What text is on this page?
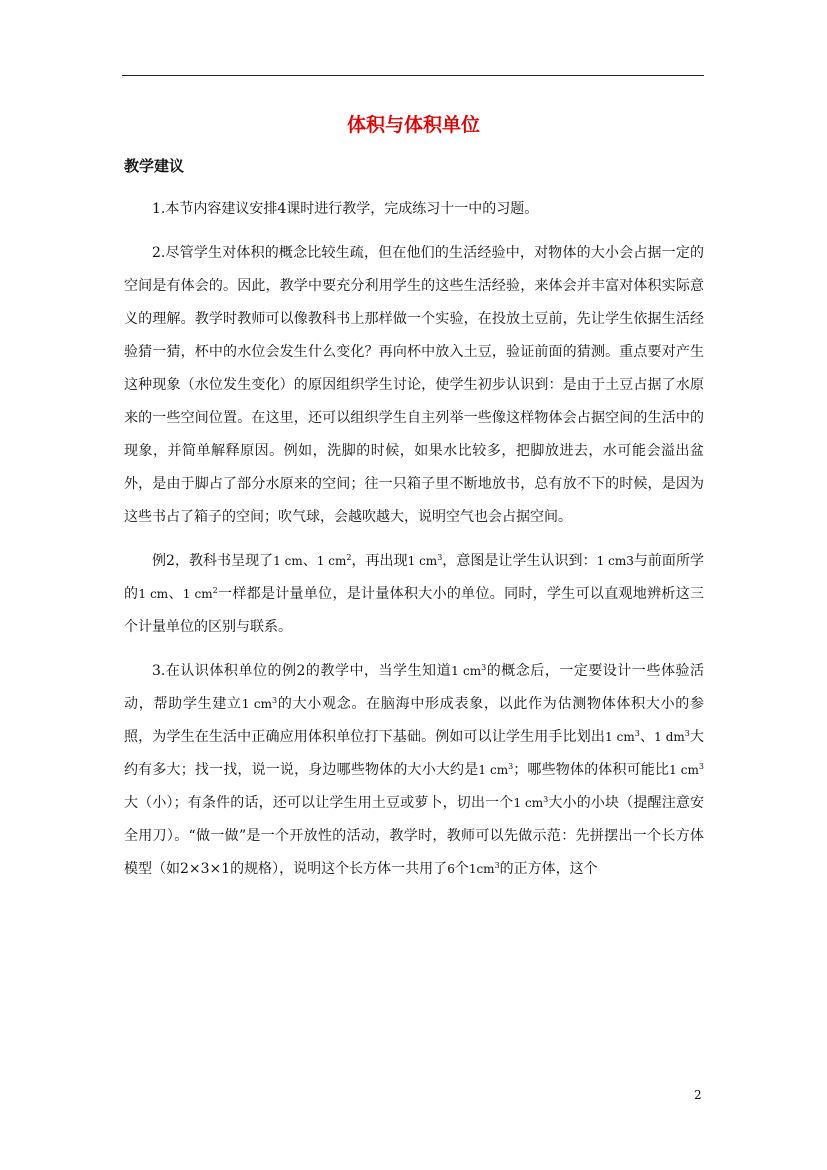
体积与体积单位
教学建议

1.本节内容建议安排4课时进行教学，完成练习十一中的习题。

2.尽管学生对体积的概念比较生疏，但在他们的生活经验中，对物体的大小会占据一定的空间是有体会的。因此，教学中要充分利用学生的这些生活经验，来体会并丰富对体积实际意义的理解。教学时教师可以像教科书上那样做一个实验，在投放土豆前，先让学生依据生活经验猜一猜，杯中的水位会发生什么变化？再向杯中放入土豆，验证前面的猜测。重点要对产生这种现象（水位发生变化）的原因组织学生讨论，使学生初步认识到：是由于土豆占据了水原来的一些空间位置。在这里，还可以组织学生自主列举一些像这样物体会占据空间的生活中的现象，并简单解释原因。例如，洗脚的时候，如果水比较多，把脚放进去，水可能会溢出盆外，是由于脚占了部分水原来的空间；往一只箱子里不断地放书，总有放不下的时候，是因为这些书占了箱子的空间；吹气球，会越吹越大，说明空气也会占据空间。

例2，教科书呈现了1 cm、1 $cm^2$，再出现1 $cm^3$，意图是让学生认识到：1 cm3与前面所学的1 cm、1 $cm^2$一样都是计量单位，是计量体积大小的单位。同时，学生可以直观地辨析这三个计量单位的区别与联系。

3.在认识体积单位的例2的教学中，当学生知道1 $cm^3$的概念后，一定要设计一些体验活动，帮助学生建立1 $cm^3$的大小观念。在脑海中形成表象，以此作为估测物体体积大小的参照，为学生在生活中正确应用体积单位打下基础。例如可以让学生用手比划出1 $cm^3$、1 $dm^3$大约有多大；找一找，说一说，身边哪些物体的大小大约是1 $cm^3$；哪些物体的体积可能比1 $cm^3$大（小）；有条件的话，还可以让学生用土豆或萝卜，切出一个1 $cm^3$大小的小块（提醒注意安全用刀）。“做一做”是一个开放性的活动，教学时，教师可以先做示范：先拼摆出一个长方体模型（如2×3×1的规格），说明这个长方体一共用了6个$1cm^3$的正方体，这个

2
